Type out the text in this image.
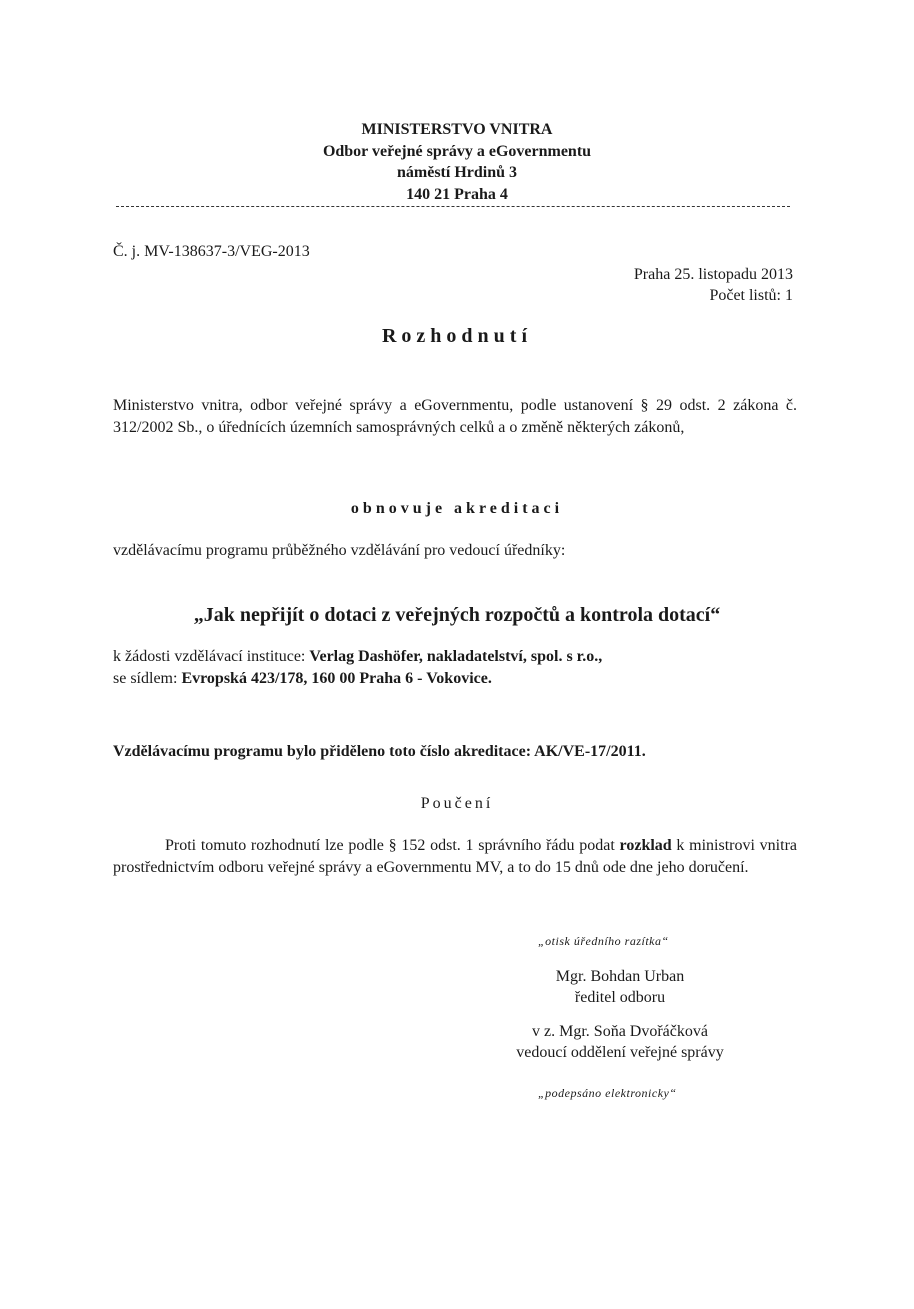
MINISTERSTVO VNITRA
Odbor veřejné správy a eGovernmentu
náměstí Hrdinů 3
140 21 Praha 4
Č. j. MV-138637-3/VEG-2013
Praha 25. listopadu 2013
Počet listů: 1
Rozhodnutí
Ministerstvo vnitra, odbor veřejné správy a eGovernmentu, podle ustanovení § 29 odst. 2 zákona č. 312/2002 Sb., o úřednících územních samosprávných celků a o změně některých zákonů,
obnovuje akreditaci
vzdělávacímu programu průběžného vzdělávání pro vedoucí úředníky:
„Jak nepřijít o dotaci z veřejných rozpočtů a kontrola dotací“
k žádosti vzdělávací instituce: Verlag Dashöfer, nakladatelství, spol. s r.o.,
se sídlem: Evropská 423/178, 160 00 Praha 6 - Vokovice.
Vzdělávacímu programu bylo přiděleno toto číslo akreditace: AK/VE-17/2011.
Poučení
Proti tomuto rozhodnutí lze podle § 152 odst. 1 správního řádu podat rozklad k ministrovi vnitra prostřednictvím odboru veřejné správy a eGovernmentu MV, a to do 15 dnů ode dne jeho doručení.
„otisk úředního razítka“
Mgr. Bohdan Urban
ředitel odboru
v z. Mgr. Soňa Dvořáčková
vedoucí oddělení veřejné správy
„podepsáno elektronicky“
